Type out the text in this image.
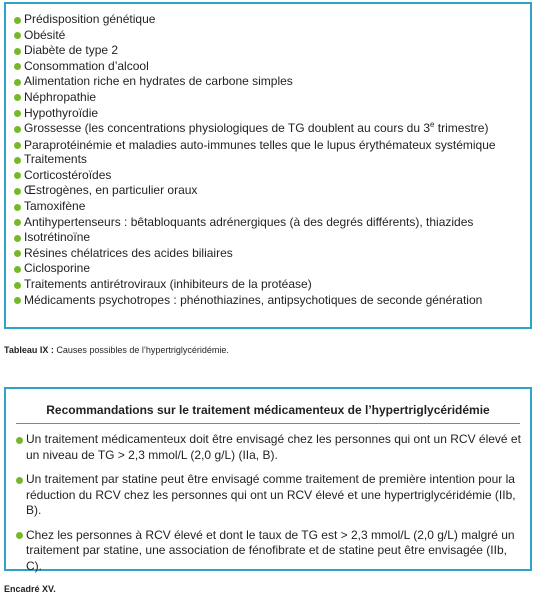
Prédisposition génétique
Obésité
Diabète de type 2
Consommation d’alcool
Alimentation riche en hydrates de carbone simples
Néphropathie
Hypothyroïdie
Grossesse (les concentrations physiologiques de TG doublent au cours du 3e trimestre)
Paraprotéinémie et maladies auto-immunes telles que le lupus érythémateux systémique
Traitements
Corticostéroïdes
Œstrogènes, en particulier oraux
Tamoxifène
Antihypertenseurs : bêtabloquants adrénergiques (à des degrés différents), thiazides
Isotrétinoïne
Résines chélatrices des acides biliaires
Ciclosporine
Traitements antirétroviraux (inhibiteurs de la protéase)
Médicaments psychotropes : phénothiazines, antipsychotiques de seconde génération
Tableau IX : Causes possibles de l’hypertriglycéridémie.
Recommandations sur le traitement médicamenteux de l’hypertriglycéridémie
Un traitement médicamenteux doit être envisagé chez les personnes qui ont un RCV élevé et un niveau de TG > 2,3 mmol/L (2,0 g/L) (IIa, B).
Un traitement par statine peut être envisagé comme traitement de première intention pour la réduction du RCV chez les personnes qui ont un RCV élevé et une hypertriglycéridémie (IIb, B).
Chez les personnes à RCV élevé et dont le taux de TG est > 2,3 mmol/L (2,0 g/L) malgré un traitement par statine, une association de fénofibrate et de statine peut être envisagée (IIb, C).
Encadré XV.
